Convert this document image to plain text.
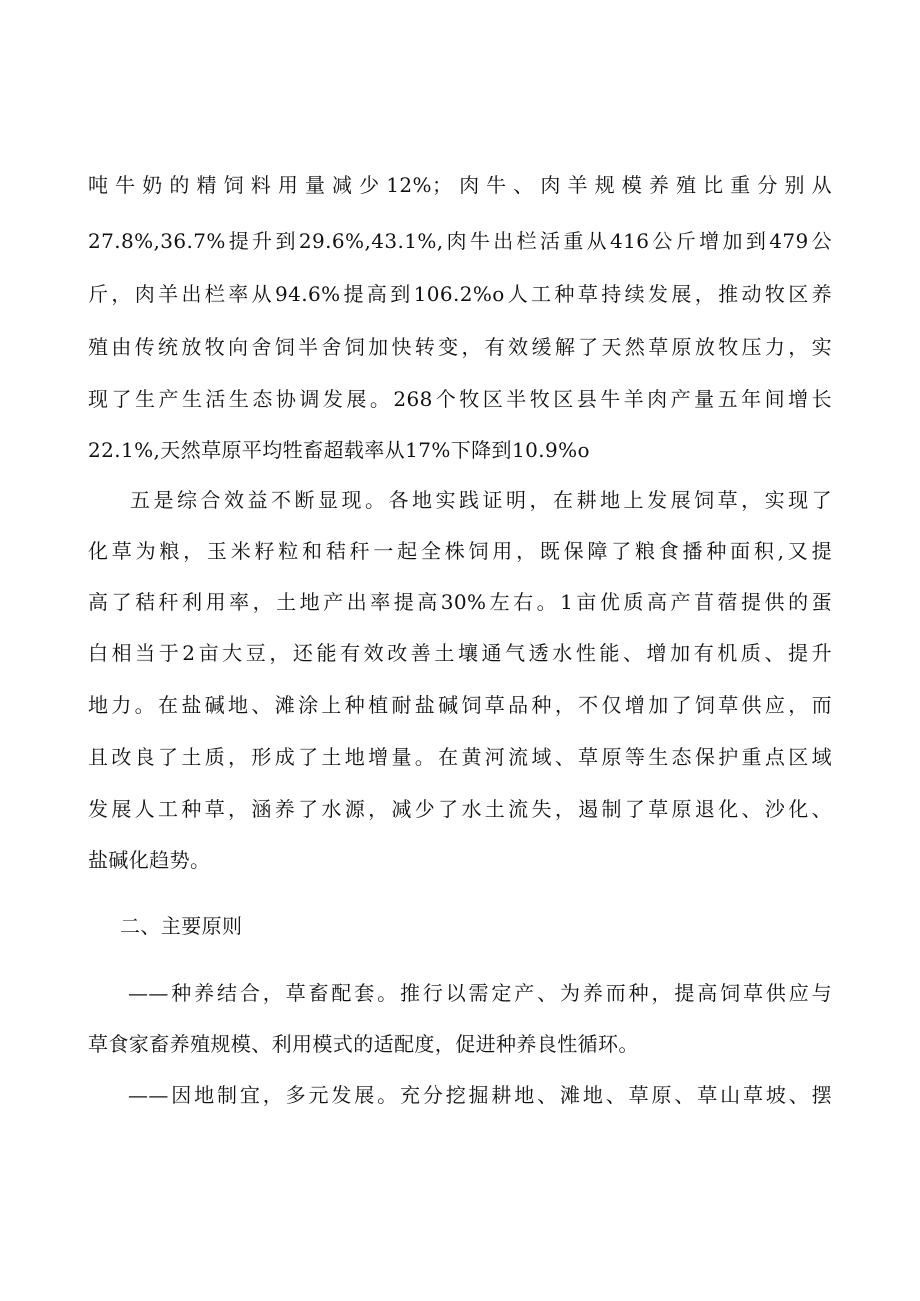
吨牛奶的精饲料用量减少12%；肉牛、肉羊规模养殖比重分别从
27.8%,36.7%提升到29.6%,43.1%,肉牛出栏活重从416公斤增加到479公
斤，肉羊出栏率从94.6%提高到106.2%o人工种草持续发展，推动牧区养
殖由传统放牧向舍饲半舍饲加快转变，有效缓解了天然草原放牧压力，实
现了生产生活生态协调发展。268个牧区半牧区县牛羊肉产量五年间增长
22.1%,天然草原平均牲畜超载率从17%下降到10.9%o
五是综合效益不断显现。各地实践证明，在耕地上发展饲草，实现了
化草为粮，玉米籽粒和秸秆一起全株饲用，既保障了粮食播种面积,又提
高了秸秆利用率，土地产出率提高30%左右。1亩优质高产苜蓿提供的蛋
白相当于2亩大豆，还能有效改善土壤通气透水性能、增加有机质、提升
地力。在盐碱地、滩涂上种植耐盐碱饲草品种，不仅增加了饲草供应，而
且改良了土质，形成了土地增量。在黄河流域、草原等生态保护重点区域
发展人工种草，涵养了水源，减少了水土流失，遏制了草原退化、沙化、
盐碱化趋势。
二、主要原则
——种养结合，草畜配套。推行以需定产、为养而种，提高饲草供应与
草食家畜养殖规模、利用模式的适配度，促进种养良性循环。
——因地制宜，多元发展。充分挖掘耕地、滩地、草原、草山草坡、摆
